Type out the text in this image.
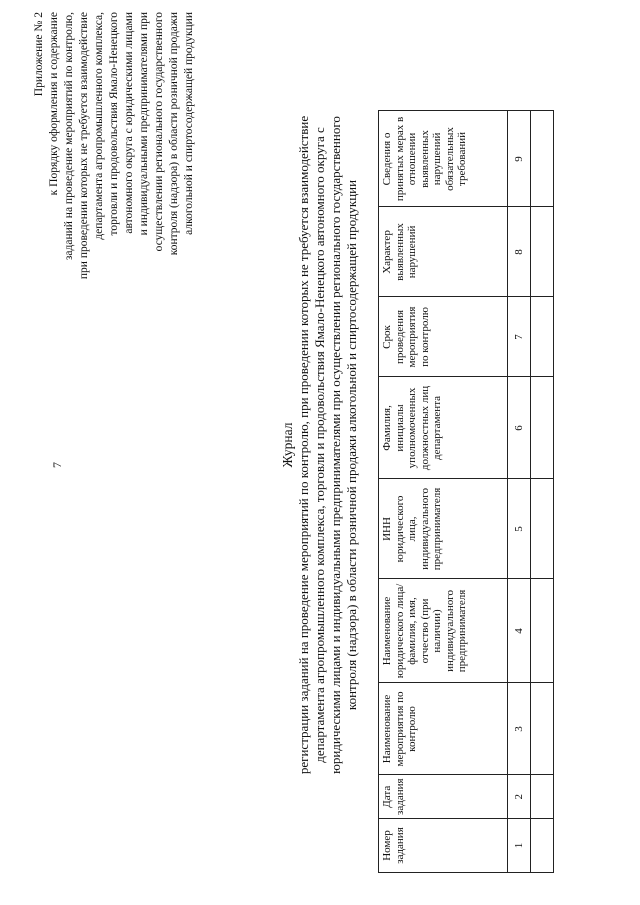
7
Приложение № 2 к Порядку оформления и содержание заданий на проведение мероприятий по контролю, при проведении которых не требуется взаимодействие департамента агропромышленного комплекса, торговли и продовольствия Ямало-Ненецкого автономного округа с юридическими лицами и индивидуальными предпринимателями при осуществлении регионального государственного контроля (надзора) в области розничной продажи алкогольной и спиртосодержащей продукции
Журнал регистрации заданий на проведение мероприятий по контролю, при проведении которых не требуется взаимодействие департамента агропромышленного комплекса, торговли и продовольствия Ямало-Ненецкого автономного округа с юридическими лицами и индивидуальными предпринимателями при осуществлении регионального государственного контроля (надзора) в области розничной продажи алкогольной и спиртосодержащей продукции
Номер задания	Дата задания	Наименование мероприятия по контролю	Наименование юридического лица/ фамилия, имя, отчество (при наличии) индивидуального предпринимателя	ИНН юридического лица, индивидуального предпринимателя	Фамилия, инициалы уполномоченных должностных лиц департамента	Срок проведения мероприятия по контролю	Характер выявленных нарушений	Сведения о принятых мерах в отношении выявленных нарушений обязательных требований
1	2	3	4	5	6	7	8	9
